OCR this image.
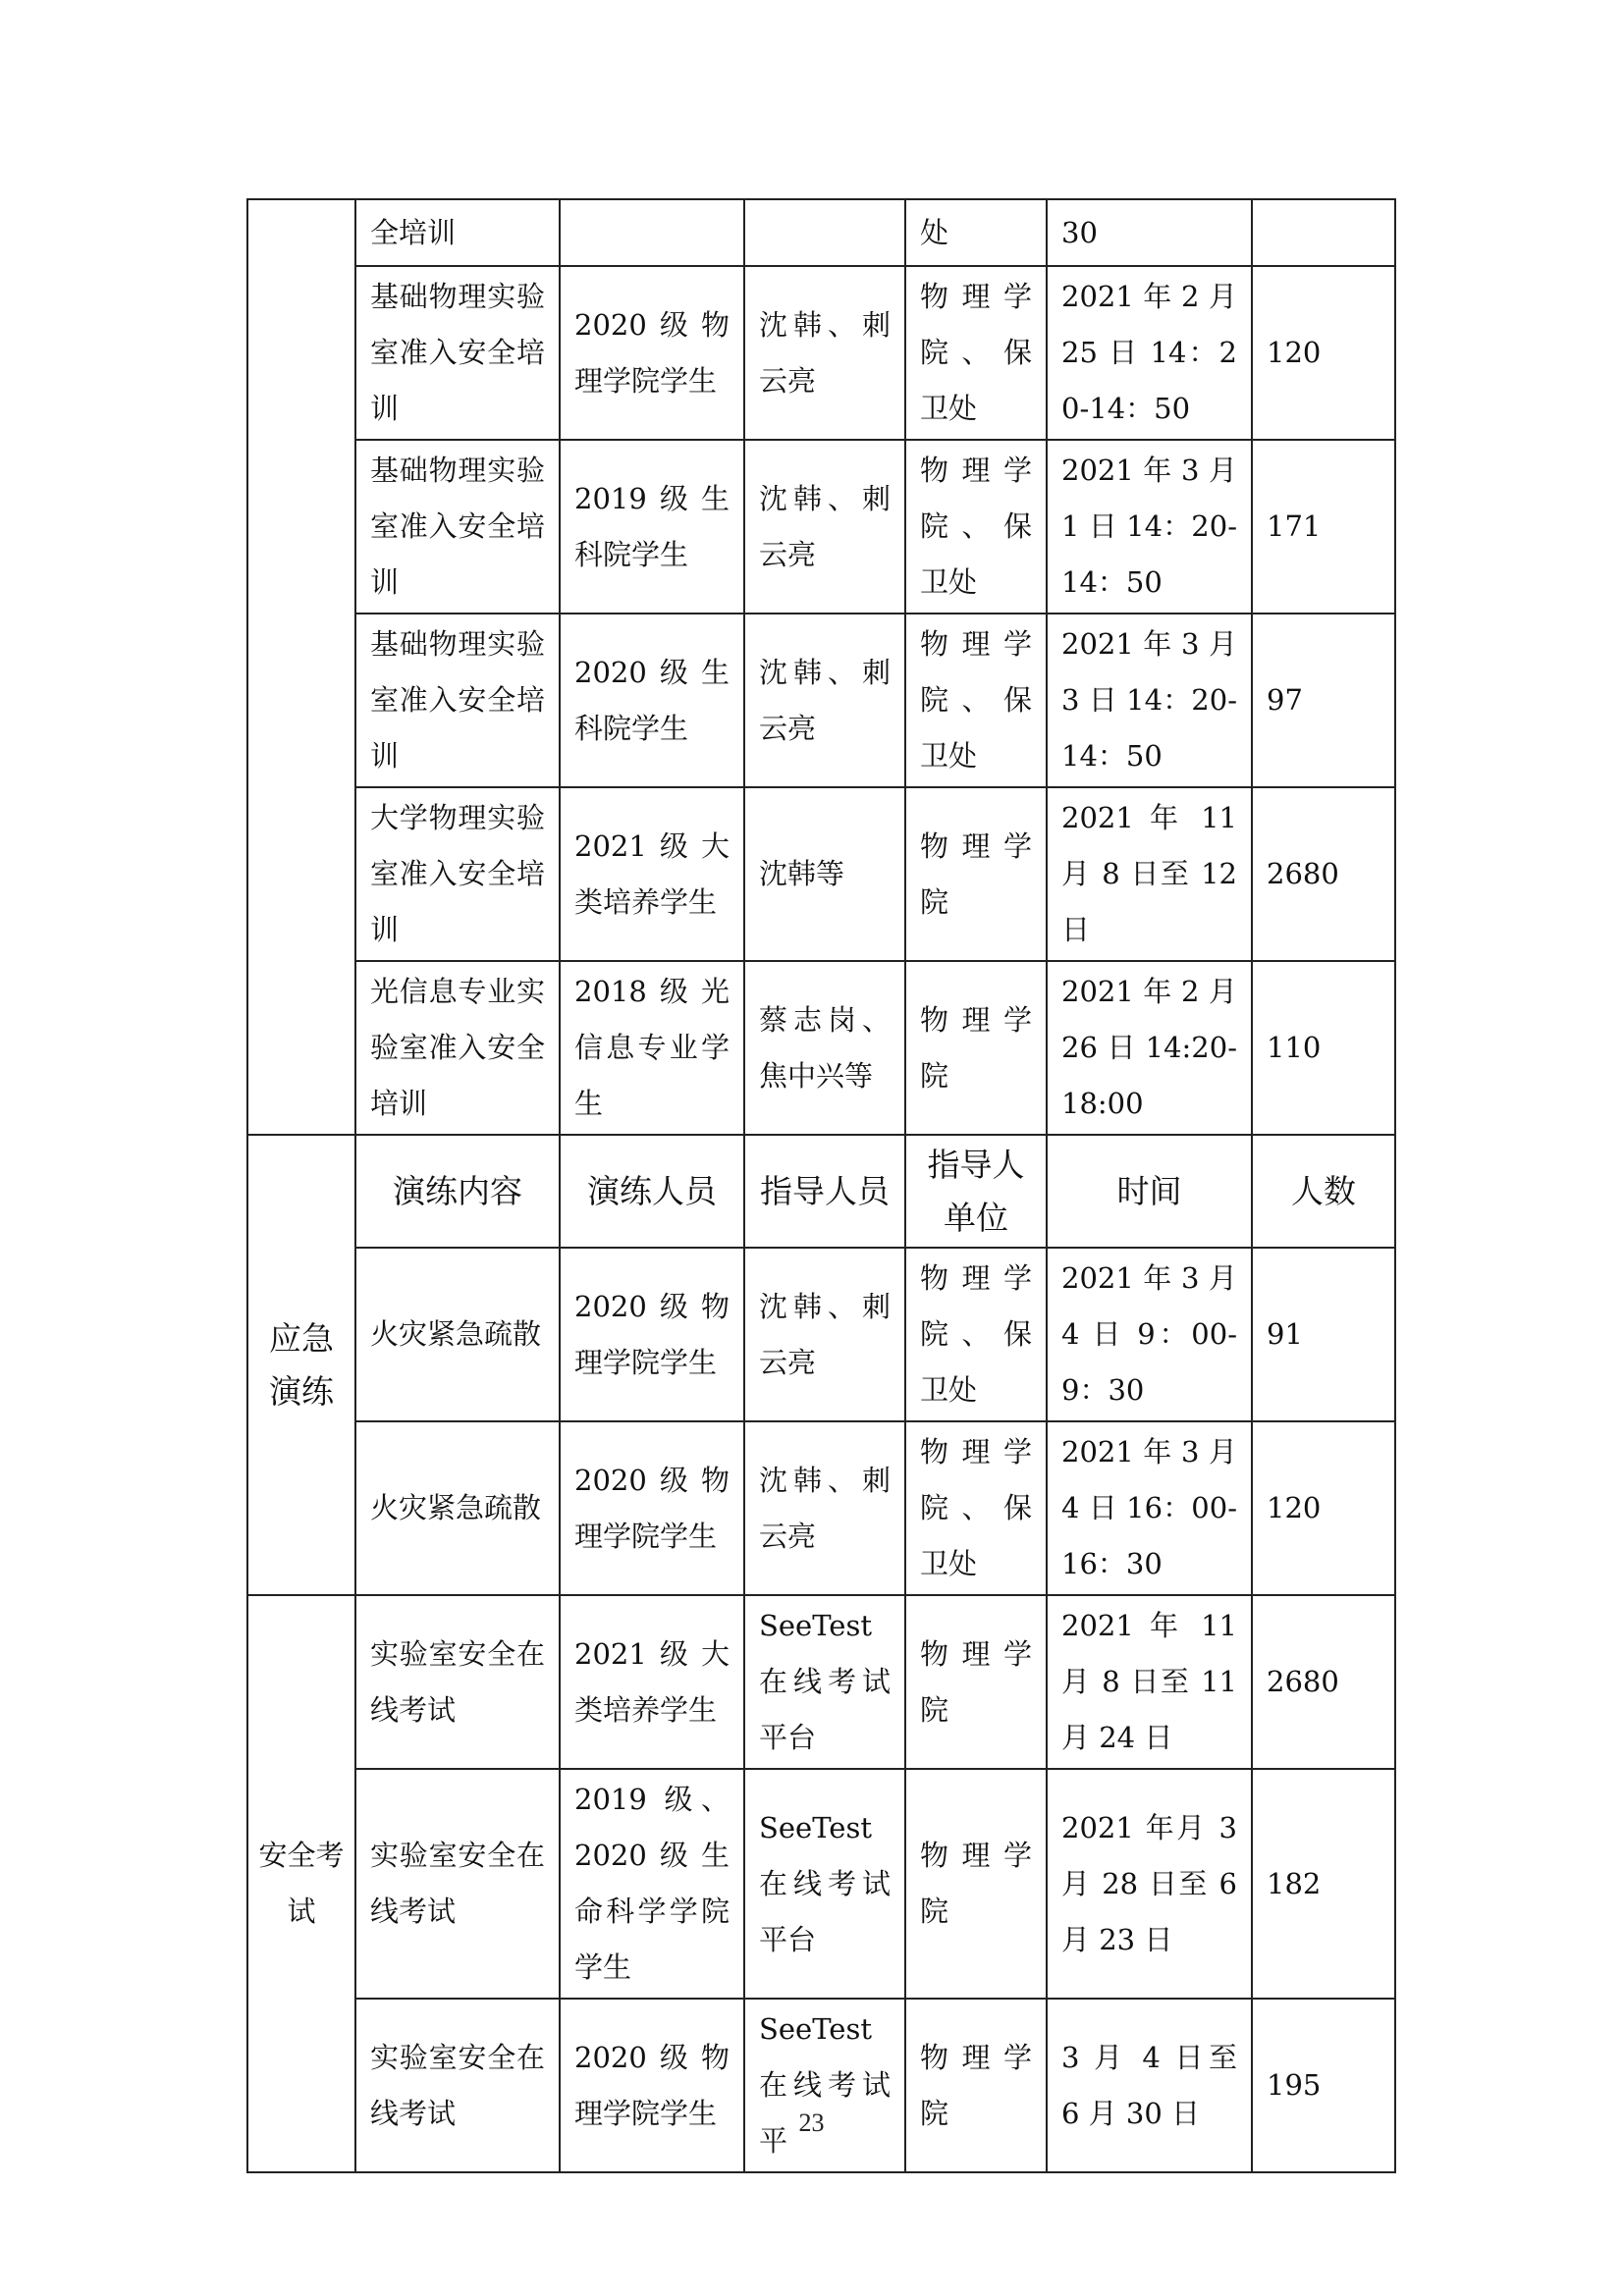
	全培训			处	30	
	基础物理实验室准入安全培训	2020级物理学院学生	沈韩、刺云亮	物理学院、保卫处	2021 年 2 月 25 日 14：20-14：50	120
	基础物理实验室准入安全培训	2019级生科院学生	沈韩、刺云亮	物理学院、保卫处	2021 年 3 月 1 日 14：20-14：50	171
	基础物理实验室准入安全培训	2020级生科院学生	沈韩、刺云亮	物理学院、保卫处	2021 年 3 月 3 日 14：20-14：50	97
	大学物理实验室准入安全培训	2021级大类培养学生	沈韩等	物理学院	2021 年 11 月 8 日至 12 日	2680
	光信息专业实验室准入安全培训	2018级光信息专业学生	蔡志岗、焦中兴等	物理学院	2021 年 2 月 26 日 14:20-18:00	110
应急演练	演练内容	演练人员	指导人员	指导人单位	时间	人数
	火灾紧急疏散	2020级物理学院学生	沈韩、刺云亮	物理学院、保卫处	2021 年 3 月 4 日 9：00-9：30	91
	火灾紧急疏散	2020级物理学院学生	沈韩、刺云亮	物理学院、保卫处	2021 年 3 月 4 日 16：00-16：30	120
安全考试	实验室安全在线考试	2021级大类培养学生	SeeTest 在线考试平台	物理学院	2021 年 11 月 8 日至 11 月 24 日	2680
	实验室安全在线考试	2019 级、2020级生命科学学院学生	SeeTest 在线考试平台	物理学院	2021 年月 3 月 28 日至 6 月 23 日	182
	实验室安全在线考试	2020级物理学院学生	SeeTest 在线考试平	物理学院	3 月 4 日至 6 月 30 日	195
23
